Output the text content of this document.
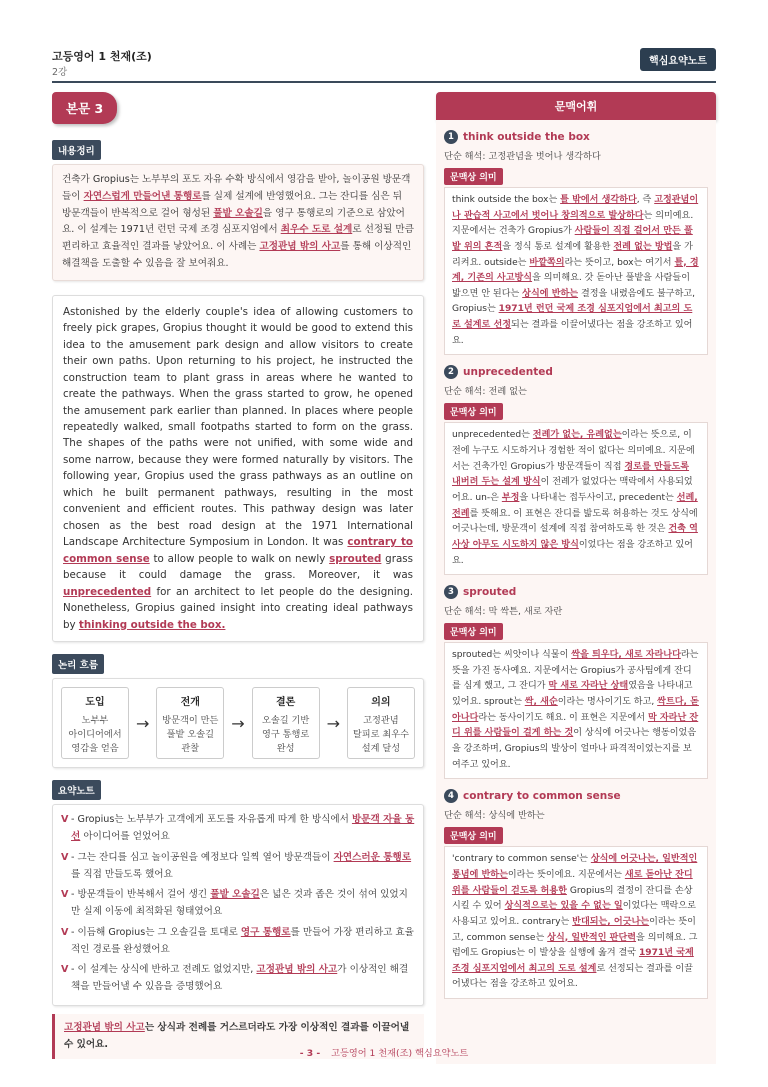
고등영어 1 천재(조)
2강
핵심요약노트
본문 3
내용정리
건축가 Gropius는 노부부의 포도 자유 수확 방식에서 영감을 받아, 놀이공원 방문객들이 자연스럽게 만들어낸 통행로를 실제 설계에 반영했어요. 그는 잔디를 심은 뒤 방문객들이 반복적으로 걸어 형성된 풀밭 오솔길을 영구 통행로의 기준으로 삼았어요. 이 설계는 1971년 런던 국제 조경 심포지엄에서 최우수 도로 설계로 선정될 만큼 편리하고 효율적인 결과를 낳았어요. 이 사례는 고정관념 밖의 사고를 통해 이상적인 해결책을 도출할 수 있음을 잘 보여줘요.
Astonished by the elderly couple's idea of allowing customers to freely pick grapes, Gropius thought it would be good to extend this idea to the amusement park design and allow visitors to create their own paths. Upon returning to his project, he instructed the construction team to plant grass in areas where he wanted to create the pathways. When the grass started to grow, he opened the amusement park earlier than planned. In places where people repeatedly walked, small footpaths started to form on the grass. The shapes of the paths were not unified, with some wide and some narrow, because they were formed naturally by visitors. The following year, Gropius used the grass pathways as an outline on which he built permanent pathways, resulting in the most convenient and efficient routes. This pathway design was later chosen as the best road design at the 1971 International Landscape Architecture Symposium in London. It was contrary to common sense to allow people to walk on newly sprouted grass because it could damage the grass. Moreover, it was unprecedented for an architect to let people do the designing. Nonetheless, Gropius gained insight into creating ideal pathways by thinking outside the box.
논리 흐름
도입
노부부
아이디어에서
영감을 얻음
→
전개
방문객이 만든
풀밭 오솔길
관찰
→
결론
오솔길 기반
영구 통행로
완성
→
의의
고정관념
탈피로 최우수
설계 달성
요약노트
V - Gropius는 노부부가 고객에게 포도를 자유롭게 따게 한 방식에서 방문객 자율 동선 아이디어를 얻었어요
V - 그는 잔디를 심고 놀이공원을 예정보다 일찍 열어 방문객들이 자연스러운 통행로를 직접 만들도록 했어요
V - 방문객들이 반복해서 걸어 생긴 풀밭 오솔길은 넓은 것과 좁은 것이 섞여 있었지만 실제 이동에 최적화된 형태였어요
V - 이듬해 Gropius는 그 오솔길을 토대로 영구 통행로를 만들어 가장 편리하고 효율적인 경로를 완성했어요
V - 이 설계는 상식에 반하고 전례도 없었지만, 고정관념 밖의 사고가 이상적인 해결책을 만들어낼 수 있음을 증명했어요
고정관념 밖의 사고는 상식과 전례를 거스르더라도 가장 이상적인 결과를 이끌어낼 수 있어요.
문맥어휘
1 think outside the box
단순 해석: 고정관념을 벗어나 생각하다
문맥상 의미
think outside the box는 틀 밖에서 생각하다, 즉 고정관념이나 관습적 사고에서 벗어나 창의적으로 발상하다는 의미예요. 지문에서는 건축가 Gropius가 사람들이 직접 걸어서 만든 풀밭 위의 흔적을 정식 통로 설계에 활용한 전례 없는 방법을 가리켜요. outside는 바깥쪽의라는 뜻이고, box는 여기서 틀, 경계, 기존의 사고방식을 의미해요. 갓 돋아난 풀밭을 사람들이 밟으면 안 된다는 상식에 반하는 결정을 내렸음에도 불구하고, Gropius는 1971년 런던 국제 조경 심포지엄에서 최고의 도로 설계로 선정되는 결과를 이끌어냈다는 점을 강조하고 있어요.
2 unprecedented
단순 해석: 전례 없는
문맥상 의미
unprecedented는 전례가 없는, 유례없는이라는 뜻으로, 이전에 누구도 시도하거나 경험한 적이 없다는 의미예요. 지문에서는 건축가인 Gropius가 방문객들이 직접 경로를 만들도록 내버려 두는 설계 방식이 전례가 없었다는 맥락에서 사용되었어요. un-은 부정을 나타내는 접두사이고, precedent는 선례, 전례를 뜻해요. 이 표현은 잔디를 밟도록 허용하는 것도 상식에 어긋나는데, 방문객이 설계에 직접 참여하도록 한 것은 건축 역사상 아무도 시도하지 않은 방식이었다는 점을 강조하고 있어요.
3 sprouted
단순 해석: 막 싹튼, 새로 자란
문맥상 의미
sprouted는 씨앗이나 식물이 싹을 틔우다, 새로 자라나다라는 뜻을 가진 동사예요. 지문에서는 Gropius가 공사팀에게 잔디를 심게 했고, 그 잔디가 막 새로 자라난 상태였음을 나타내고 있어요. sprout는 싹, 새순이라는 명사이기도 하고, 싹트다, 돋아나다라는 동사이기도 해요. 이 표현은 지문에서 막 자라난 잔디 위를 사람들이 걸게 하는 것이 상식에 어긋나는 행동이었음을 강조하며, Gropius의 발상이 얼마나 파격적이었는지를 보여주고 있어요.
4 contrary to common sense
단순 해석: 상식에 반하는
문맥상 의미
'contrary to common sense'는 상식에 어긋나는, 일반적인 통념에 반하는이라는 뜻이에요. 지문에서는 새로 돋아난 잔디 위를 사람들이 걷도록 허용한 Gropius의 결정이 잔디를 손상시킬 수 있어 상식적으로는 있을 수 없는 일이었다는 맥락으로 사용되고 있어요. contrary는 반대되는, 어긋나는이라는 뜻이고, common sense는 상식, 일반적인 판단력을 의미해요. 그럼에도 Gropius는 이 발상을 실행에 옮겨 결국 1971년 국제 조경 심포지엄에서 최고의 도로 설계로 선정되는 결과를 이끌어냈다는 점을 강조하고 있어요.
- 3 - 고등영어 1 천재(조) 핵심요약노트
